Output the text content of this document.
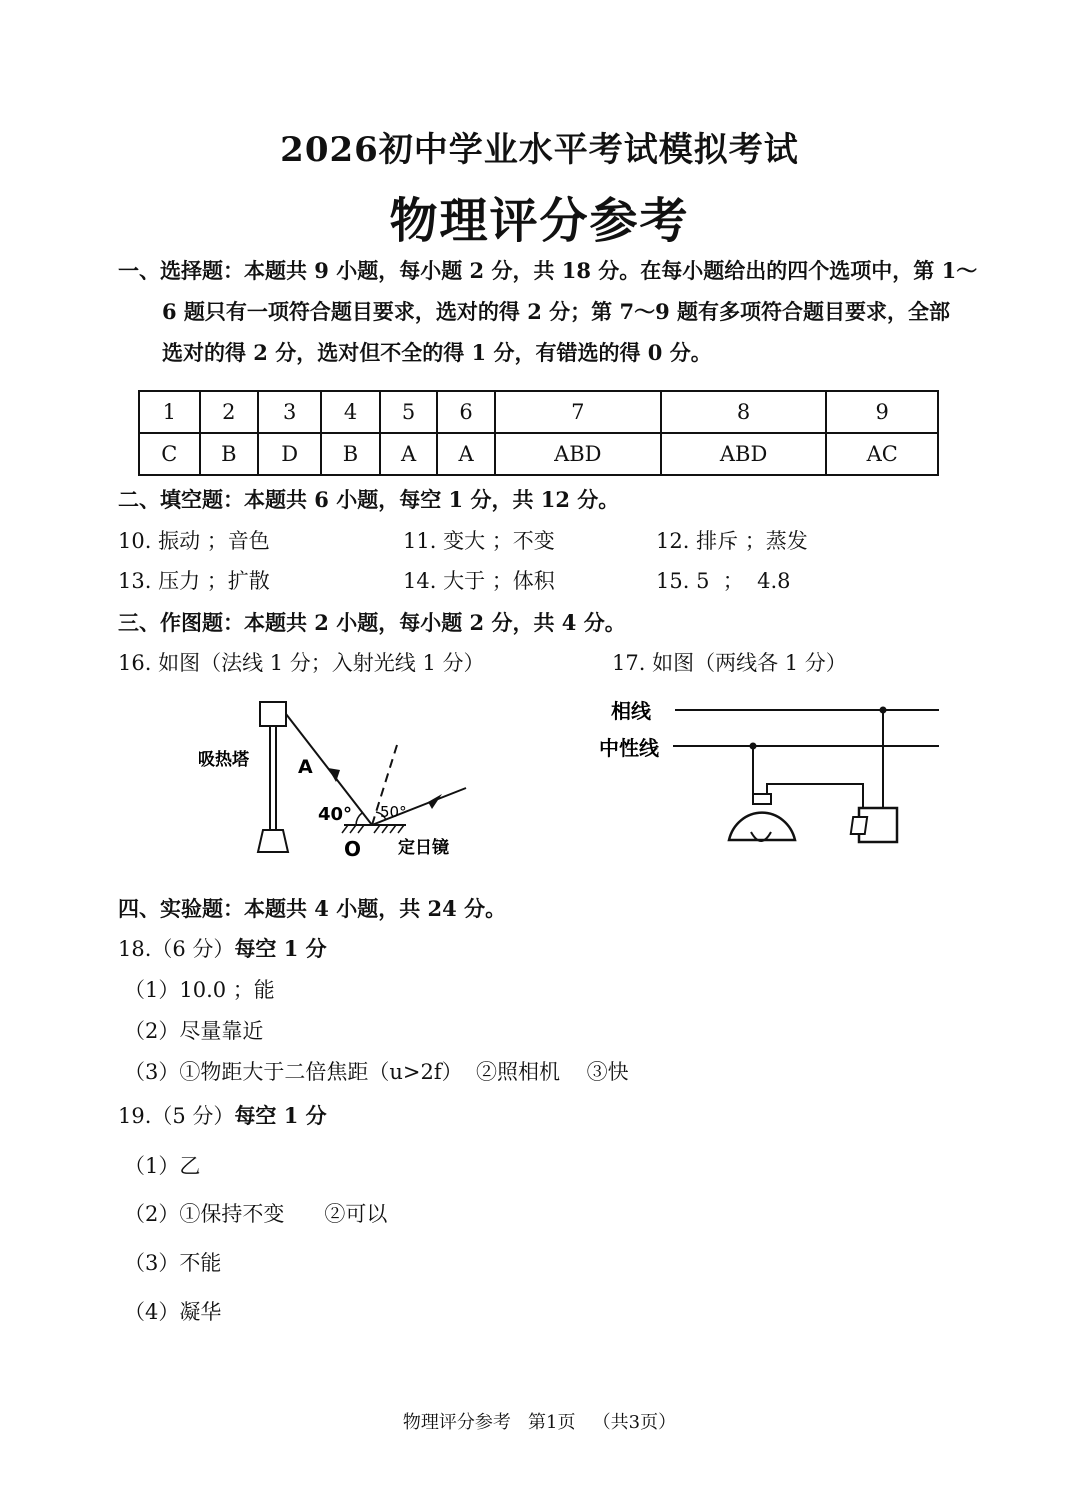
2026初中学业水平考试模拟考试
物理评分参考
一、选择题：本题共 9 小题，每小题 2 分，共 18 分。在每小题给出的四个选项中，第 1～
6 题只有一项符合题目要求，选对的得 2 分；第 7～9 题有多项符合题目要求，全部
选对的得 2 分，选对但不全的得 1 分，有错选的得 0 分。
1	2	3	4	5	6	7	8	9
C	B	D	B	A	A	ABD	ABD	AC
二、填空题：本题共 6 小题，每空 1 分，共 12 分。
10. 振动 ；音色	11. 变大 ；不变	12. 排斥 ；蒸发
13. 压力 ；扩散	14. 大于 ；体积	15. 5  ；  4.8
三、作图题：本题共 2 小题，每小题 2 分，共 4 分。
16. 如图（法线 1 分；入射光线 1 分）	17. 如图（两线各 1 分）
吸热塔	A
40° 50°
O 定日镜
相线
中性线
四、实验题：本题共 4 小题，共 24 分。
18.（6 分）每空 1 分
（1）10.0 ；能
（2）尽量靠近
（3）①物距大于二倍焦距（u>2f）  ②照相机    ③快
19.（5 分）每空 1 分
（1）乙
（2）①保持不变      ②可以
（3）不能
（4）凝华
物理评分参考   第1页   （共3页）
